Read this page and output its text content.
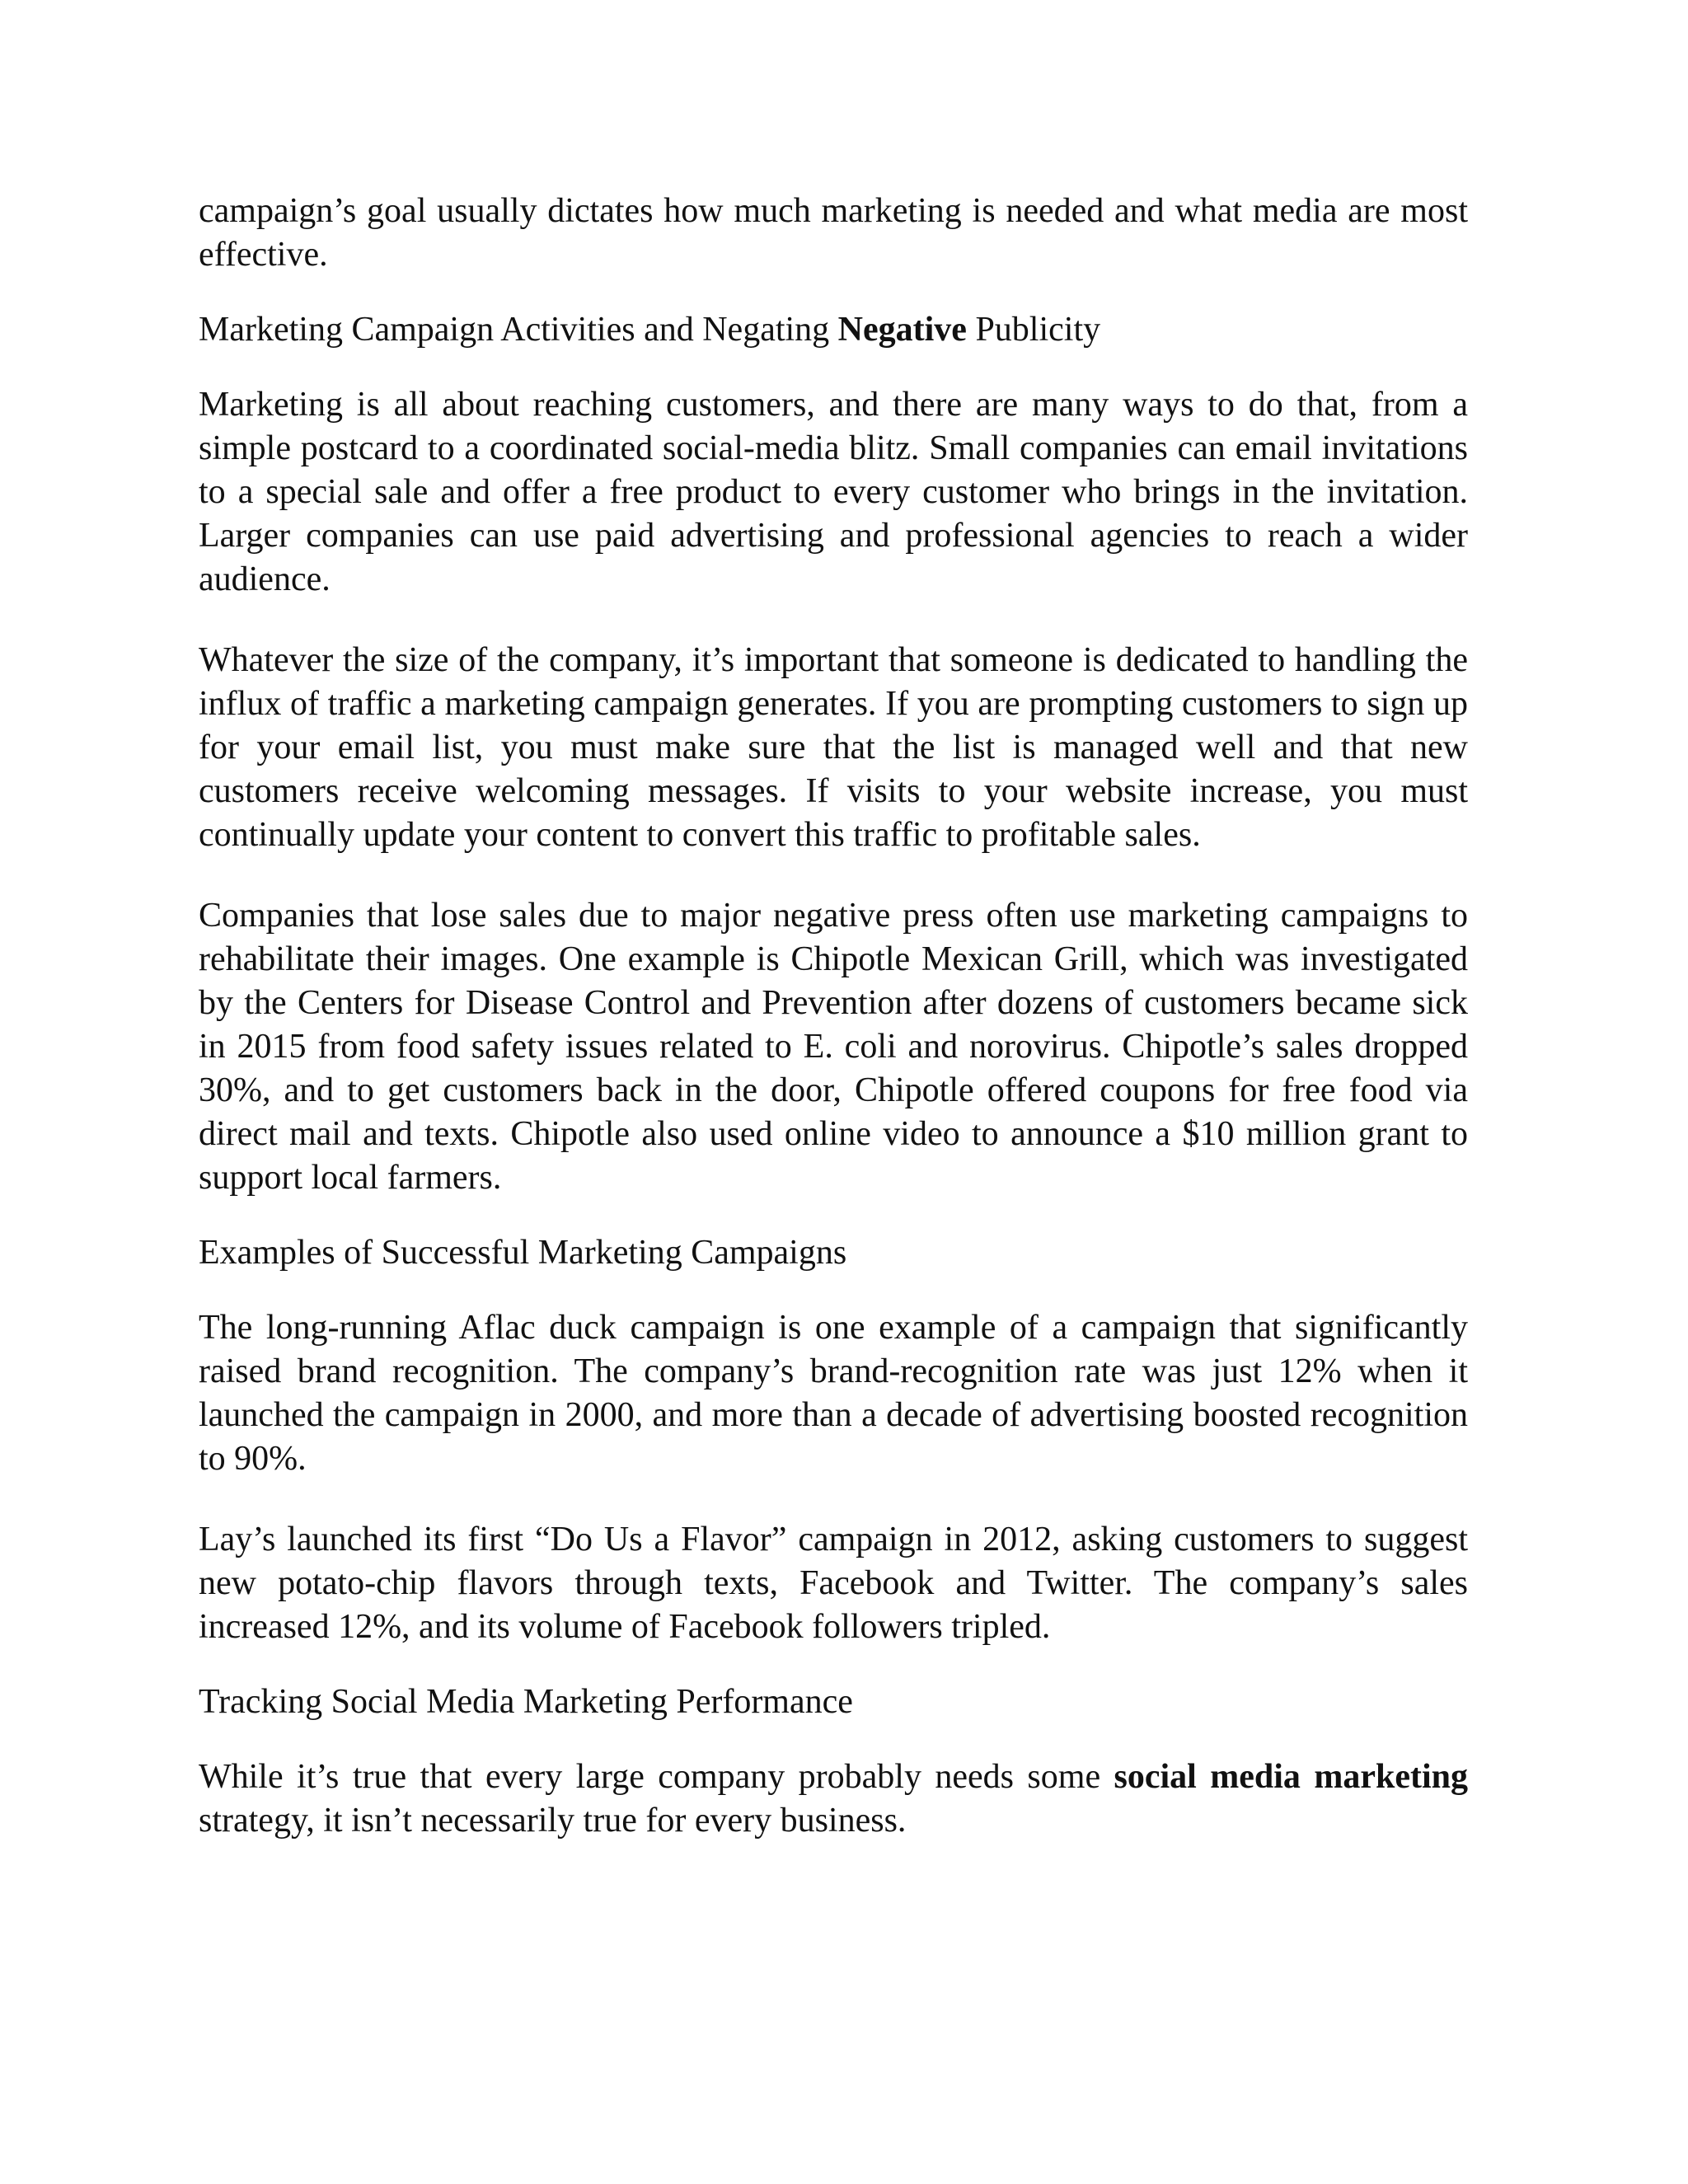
campaign’s goal usually dictates how much marketing is needed and what media are most effective.

Marketing Campaign Activities and Negating Negative Publicity

Marketing is all about reaching customers, and there are many ways to do that, from a simple postcard to a coordinated social-media blitz. Small companies can email invitations to a special sale and offer a free product to every customer who brings in the invitation. Larger companies can use paid advertising and professional agencies to reach a wider audience.

Whatever the size of the company, it’s important that someone is dedicated to handling the influx of traffic a marketing campaign generates. If you are prompting customers to sign up for your email list, you must make sure that the list is managed well and that new customers receive welcoming messages. If visits to your website increase, you must continually update your content to convert this traffic to profitable sales.

Companies that lose sales due to major negative press often use marketing campaigns to rehabilitate their images. One example is Chipotle Mexican Grill, which was investigated by the Centers for Disease Control and Prevention after dozens of customers became sick in 2015 from food safety issues related to E. coli and norovirus. Chipotle’s sales dropped 30%, and to get customers back in the door, Chipotle offered coupons for free food via direct mail and texts. Chipotle also used online video to announce a $10 million grant to support local farmers.

Examples of Successful Marketing Campaigns

The long-running Aflac duck campaign is one example of a campaign that significantly raised brand recognition. The company’s brand-recognition rate was just 12% when it launched the campaign in 2000, and more than a decade of advertising boosted recognition to 90%.

Lay’s launched its first “Do Us a Flavor” campaign in 2012, asking customers to suggest new potato-chip flavors through texts, Facebook and Twitter. The company’s sales increased 12%, and its volume of Facebook followers tripled.

Tracking Social Media Marketing Performance

While it’s true that every large company probably needs some social media marketing strategy, it isn’t necessarily true for every business.
